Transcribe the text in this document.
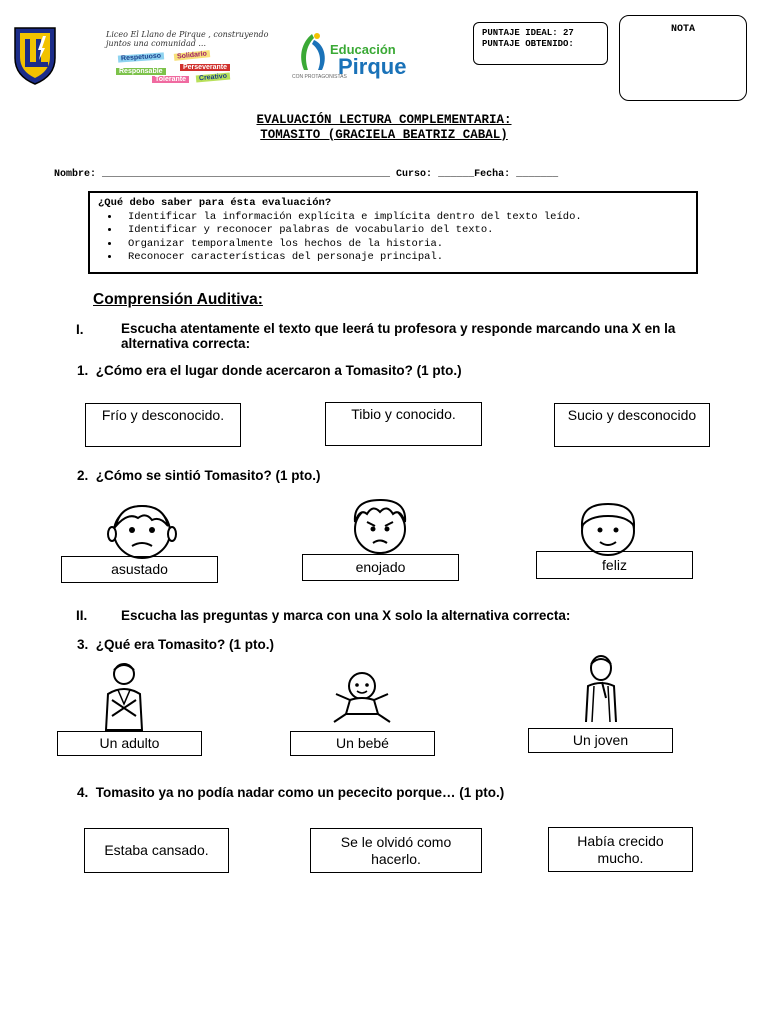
Liceo El Llano de Pirque , construyendo
juntos una comunidad ...
Respetuoso	Solidario
Perseverante
Responsable
Tolerante	Creativo
Educación
Pirque
CON PROTAGONISTAS
PUNTAJE IDEAL: 27
PUNTAJE OBTENIDO:
NOTA
EVALUACIÓN LECTURA COMPLEMENTARIA:
TOMASITO (GRACIELA BEATRIZ CABAL)
Nombre: ________________________________________________ Curso: ______Fecha: _______
¿Qué debo saber para ésta evaluación?
• Identificar la información explícita e implícita dentro del texto leído.
• Identificar y reconocer palabras de vocabulario del texto.
• Organizar temporalmente los hechos de la historia.
• Reconocer características del personaje principal.
Comprensión Auditiva:
I.	Escucha atentamente el texto que leerá tu profesora y responde marcando una X en la alternativa correcta:
1.  ¿Cómo era el lugar donde acercaron a Tomasito? (1 pto.)
Frío y desconocido.	Tibio y conocido.	Sucio y desconocido
2.  ¿Cómo se sintió Tomasito? (1 pto.)
asustado	enojado	feliz
II. Escucha las preguntas y marca con una X solo la alternativa correcta:
3.  ¿Qué era Tomasito? (1 pto.)
Un adulto	Un bebé	Un joven
4.  Tomasito ya no podía nadar como un pececito porque… (1 pto.)
Estaba cansado.
Se le olvidó como hacerlo.
Había crecido mucho.
